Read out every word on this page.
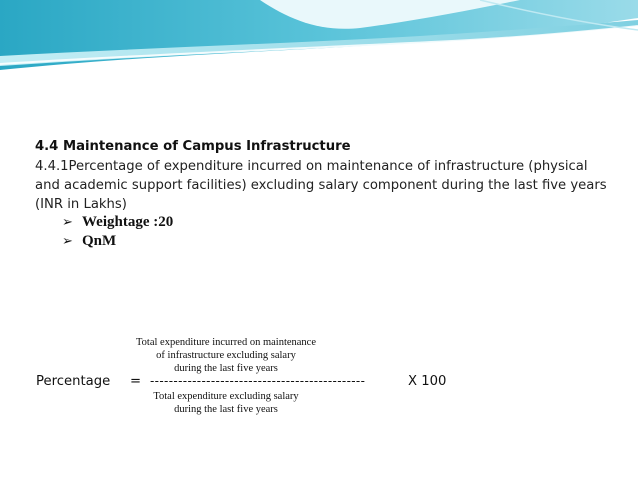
4.4 Maintenance of Campus Infrastructure
4.4.1Percentage of expenditure incurred on maintenance of infrastructure (physical and academic support facilities) excluding salary component during the last five years (INR in Lakhs)
➢ Weightage :20
➢ QnM
Total expenditure incurred on maintenance
of infrastructure excluding salary
during the last five years
Percentage = ----------------------------------------------	X 100
Total expenditure excluding salary
during the last five years
